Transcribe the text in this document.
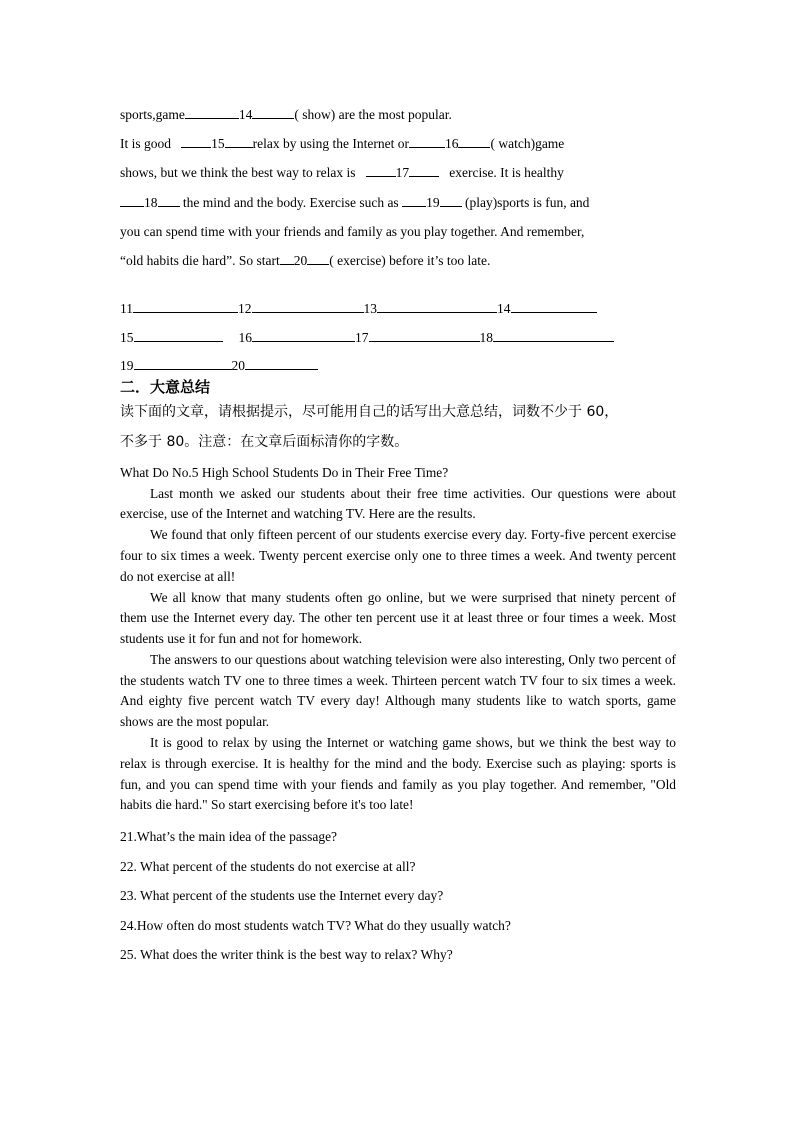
sports,game	14	( show) are the most popular.
It is good	15 relax by using the Internet or	16 ( watch)game
shows, but we think the best way to relax is	17	exercise. It is healthy
18 the mind and the body. Exercise such as 19 (play)sports is fun, and
you can spend time with your friends and family as you play together. And remember,
“old habits die hard”. So start 20 ( exercise) before it’s too late.
11	12	13	14
15	16	17	18
19	20
二．大意总结
读下面的文章，请根据提示，尽可能用自己的话写出大意总结，词数不少于 60，
不多于 80。注意：在文章后面标清你的字数。
What Do No.5 High School Students Do in Their Free Time?

Last month we asked our students about their free time activities. Our questions were about exercise, use of the Internet and watching TV. Here are the results.

We found that only fifteen percent of our students exercise every day. Forty-five percent exercise four to six times a week. Twenty percent exercise only one to three times a week. And twenty percent do not exercise at all!

We all know that many students often go online, but we were surprised that ninety percent of them use the Internet every day. The other ten percent use it at least three or four times a week. Most students use it for fun and not for homework.

The answers to our questions about watching television were also interesting, Only two percent of the students watch TV one to three times a week. Thirteen percent watch TV four to six times a week. And eighty five percent watch TV every day! Although many students like to watch sports, game shows are the most popular.

It is good to relax by using the Internet or watching game shows, but we think the best way to relax is through exercise. It is healthy for the mind and the body. Exercise such as playing: sports is fun, and you can spend time with your fiends and family as you play together. And remember, "Old habits die hard." So start exercising before it's too late!

21.What’s the main idea of the passage?
22. What percent of the students do not exercise at all?
23. What percent of the students use the Internet every day?
24.How often do most students watch TV? What do they usually watch?
25. What does the writer think is the best way to relax? Why?
